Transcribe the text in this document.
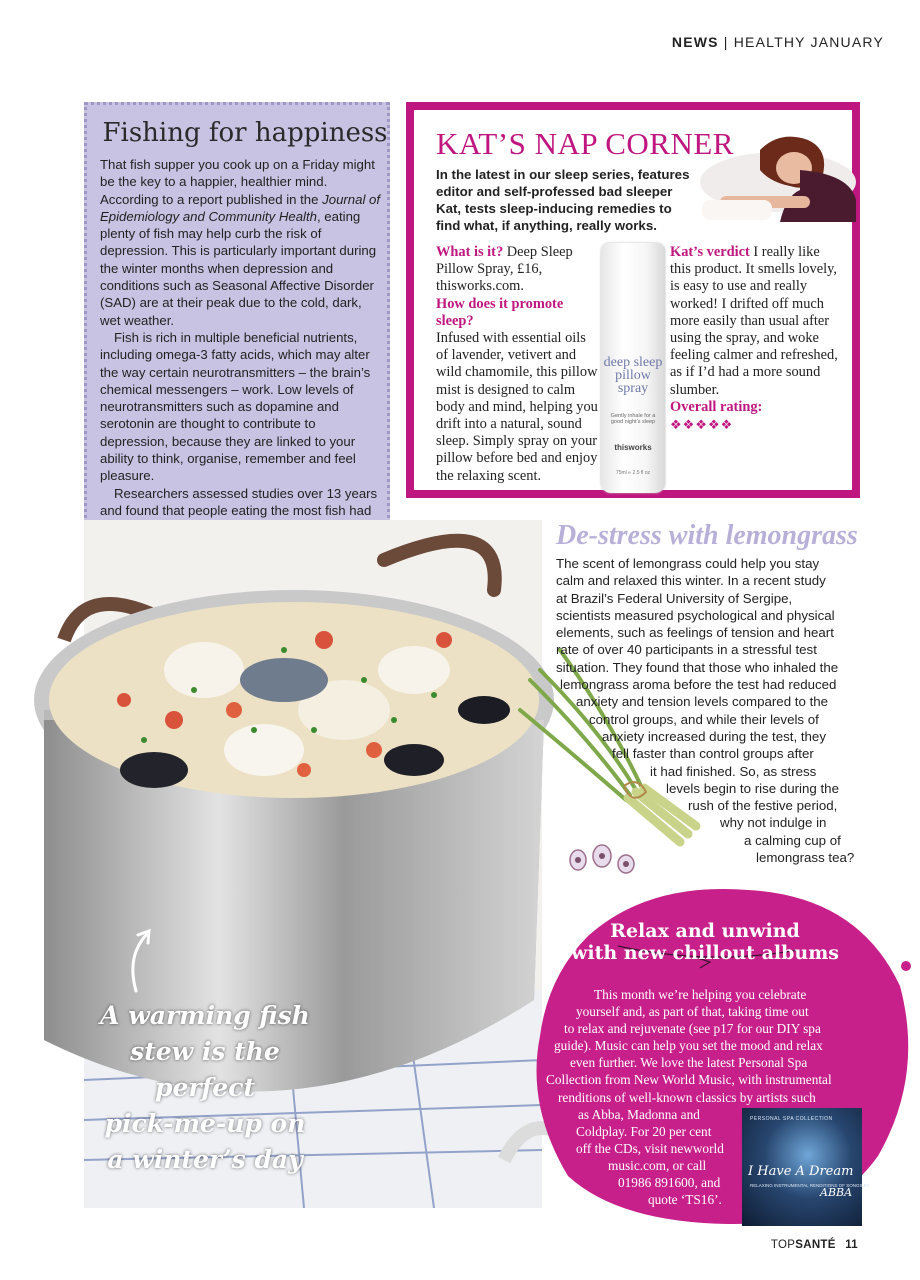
NEWS | HEALTHY JANUARY
Fishing for happiness

That fish supper you cook up on a Friday might be the key to a happier, healthier mind. According to a report published in the Journal of Epidemiology and Community Health, eating plenty of fish may help curb the risk of depression. This is particularly important during the winter months when depression and conditions such as Seasonal Affective Disorder (SAD) are at their peak due to the cold, dark, wet weather.

Fish is rich in multiple beneficial nutrients, including omega-3 fatty acids, which may alter the way certain neurotransmitters – the brain’s chemical messengers – work. Low levels of neurotransmitters such as dopamine and serotonin are thought to contribute to depression, because they are linked to your ability to think, organise, remember and feel pleasure.

Researchers assessed studies over 13 years and found that people eating the most fish had

KAT’S NAP CORNER
In the latest in our sleep series, features editor and self-professed bad sleeper Kat, tests sleep-inducing remedies to find what, if anything, really works.

What is it? Deep Sleep Pillow Spray, £16, thisworks.com.

How does it promote sleep?

Infused with essential oils of lavender, vetivert and wild chamomile, this pillow mist is designed to calm body and mind, helping you drift into a natural, sound sleep. Simply spray on your pillow before bed and enjoy the relaxing scent.

deep sleep pillow spray
Gently inhale for a good night’s sleep
thisworks
75ml ℮ 2.5 fl oz

Kat’s verdict I really like this product. It smells lovely, is easy to use and really worked! I drifted off much more easily than usual after using the spray, and woke feeling calmer and refreshed, as if I’d had a more sound slumber.

Overall rating:

❖❖❖❖❖

A warming fish
stew is the perfect
pick-me-up on
a winter’s day
De-stress with lemongrass
The scent of lemongrass could help you stay
calm and relaxed this winter. In a recent study
at Brazil’s Federal University of Sergipe,
scientists measured psychological and physical
elements, such as feelings of tension and heart
rate of over 40 participants in a stressful test
situation. They found that those who inhaled the
lemongrass aroma before the test had reduced
anxiety and tension levels compared to the
control groups, and while their levels of
anxiety increased during the test, they
fell faster than control groups after
it had finished. So, as stress
levels begin to rise during the
rush of the festive period,
why not indulge in
a calming cup of
lemongrass tea?
Relax and unwind
with new chillout albums
This month we’re helping you celebrate
yourself and, as part of that, taking time out
to relax and rejuvenate (see p17 for our DIY spa
guide). Music can help you set the mood and relax
even further. We love the latest Personal Spa
Collection from New World Music, with instrumental
renditions of well-known classics by artists such
as Abba, Madonna and
Coldplay. For 20 per cent
off the CDs, visit newworld
music.com, or call
01986 891600, and
quote ‘TS16’.
PERSONAL SPA COLLECTION
I Have A Dream
RELAXING INSTRUMENTAL RENDITIONS OF SONGS BY
ABBA
TOPSANTÉ 11
